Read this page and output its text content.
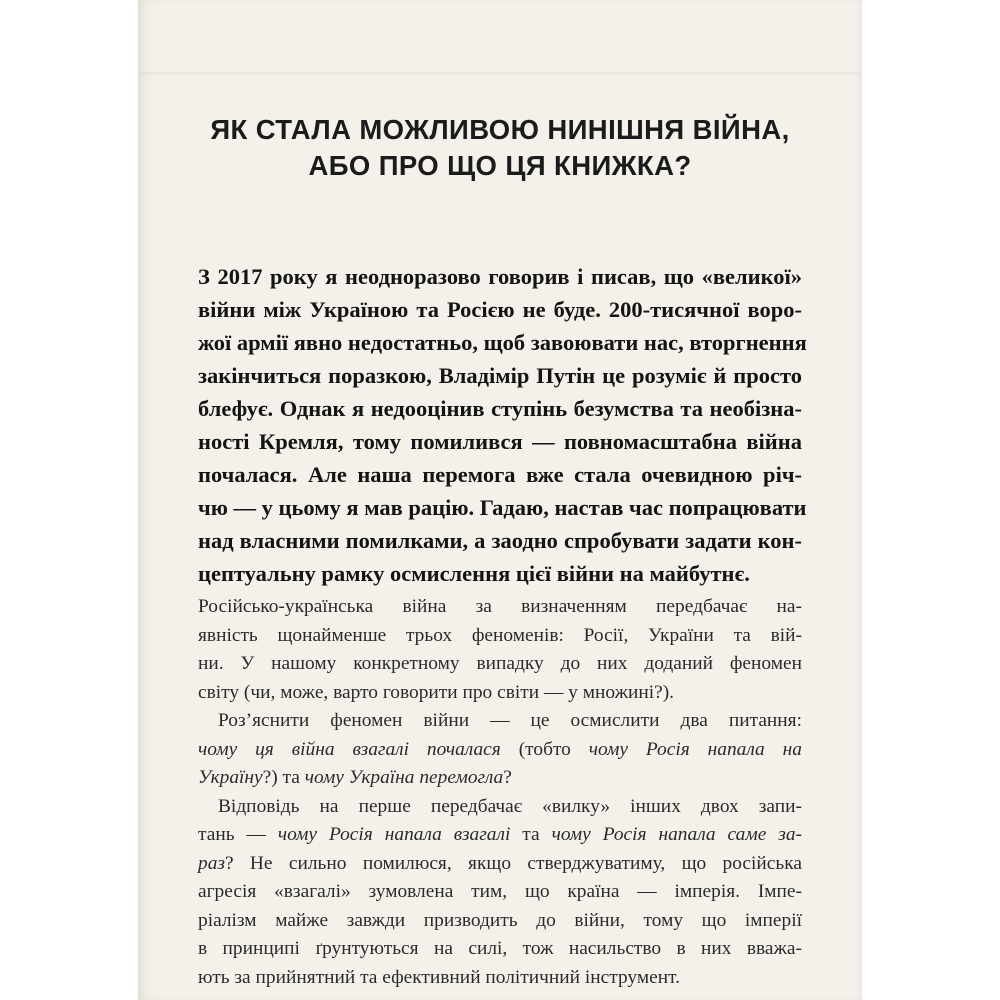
ЯК СТАЛА МОЖЛИВОЮ НИНІШНЯ ВІЙНА,
АБО ПРО ЩО ЦЯ КНИЖКА?
З 2017 року я неодноразово говорив і писав, що «великої»
війни між Україною та Росією не буде. 200-тисячної воро-
жої армії явно недостатньо, щоб завоювати нас, вторгнення
закінчиться поразкою, Владімір Путін це розуміє й просто
блефує. Однак я недооцінив ступінь безумства та необізна-
ності Кремля, тому помилився — повномасштабна війна
почалася. Але наша перемога вже стала очевидною річ-
чю — у цьому я мав рацію. Гадаю, настав час попрацювати
над власними помилками, а заодно спробувати задати кон-
цептуальну рамку осмислення цієї війни на майбутнє.
Російсько-українська війна за визначенням передбачає на-
явність щонайменше трьох феноменів: Росії, України та вій-
ни. У нашому конкретному випадку до них доданий феномен
світу (чи, може, варто говорити про світи — у множині?).
Роз’яснити феномен війни — це осмислити два питання:
чому ця війна взагалі почалася (тобто чому Росія напала на
Україну?) та чому Україна перемогла?
Відповідь на перше передбачає «вилку» інших двох запи-
тань — чому Росія напала взагалі та чому Росія напала саме за-
раз? Не сильно помилюся, якщо стверджуватиму, що російська
агресія «взагалі» зумовлена тим, що країна — імперія. Імпе-
ріалізм майже завжди призводить до війни, тому що імперії
в принципі ґрунтуються на силі, тож насильство в них вважа-
ють за прийнятний та ефективний політичний інструмент.
